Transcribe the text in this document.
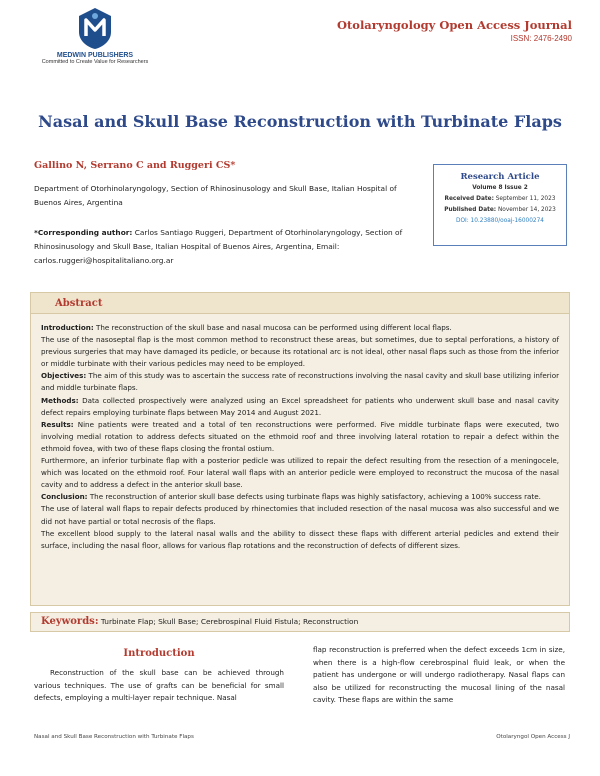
MEDWIN PUBLISHERS
Committed to Create Value for Researchers
Otolaryngology Open Access Journal
ISSN: 2476-2490
Nasal and Skull Base Reconstruction with Turbinate Flaps
Gallino N, Serrano C and Ruggeri CS*
Department of Otorhinolaryngology, Section of Rhinosinusology and Skull Base, Italian Hospital of Buenos Aires, Argentina
*Corresponding author: Carlos Santiago Ruggeri, Department of Otorhinolaryngology, Section of Rhinosinusology and Skull Base, Italian Hospital of Buenos Aires, Argentina, Email: carlos.ruggeri@hospitalitaliano.org.ar
Research Article
Volume 8 Issue 2
Received Date: September 11, 2023
Published Date: November 14, 2023
DOI: 10.23880/ooaj-16000274
Abstract

Introduction: The reconstruction of the skull base and nasal mucosa can be performed using different local flaps.

The use of the nasoseptal flap is the most common method to reconstruct these areas, but sometimes, due to septal perforations, a history of previous surgeries that may have damaged its pedicle, or because its rotational arc is not ideal, other nasal flaps such as those from the inferior or middle turbinate with their various pedicles may need to be employed.

Objectives: The aim of this study was to ascertain the success rate of reconstructions involving the nasal cavity and skull base utilizing inferior and middle turbinate flaps.

Methods: Data collected prospectively were analyzed using an Excel spreadsheet for patients who underwent skull base and nasal cavity defect repairs employing turbinate flaps between May 2014 and August 2021.

Results: Nine patients were treated and a total of ten reconstructions were performed. Five middle turbinate flaps were executed, two involving medial rotation to address defects situated on the ethmoid roof and three involving lateral rotation to repair a defect within the ethmoid fovea, with two of these flaps closing the frontal ostium.

Furthermore, an inferior turbinate flap with a posterior pedicle was utilized to repair the defect resulting from the resection of a meningocele, which was located on the ethmoid roof. Four lateral wall flaps with an anterior pedicle were employed to reconstruct the mucosa of the nasal cavity and to address a defect in the anterior skull base.

Conclusion: The reconstruction of anterior skull base defects using turbinate flaps was highly satisfactory, achieving a 100% success rate.

The use of lateral wall flaps to repair defects produced by rhinectomies that included resection of the nasal mucosa was also successful and we did not have partial or total necrosis of the flaps.

The excellent blood supply to the lateral nasal walls and the ability to dissect these flaps with different arterial pedicles and extend their surface, including the nasal floor, allows for various flap rotations and the reconstruction of defects of different sizes.

Keywords: Turbinate Flap; Skull Base; Cerebrospinal Fluid Fistula; Reconstruction
Introduction

Reconstruction of the skull base can be achieved through various techniques. The use of grafts can be beneficial for small defects, employing a multi-layer repair technique. Nasal

flap reconstruction is preferred when the defect exceeds 1cm in size, when there is a high-flow cerebrospinal fluid leak, or when the patient has undergone or will undergo radiotherapy. Nasal flaps can also be utilized for reconstructing the mucosal lining of the nasal cavity. These flaps are within the same

Nasal and Skull Base Reconstruction with Turbinate Flaps	Otolaryngol Open Access J
